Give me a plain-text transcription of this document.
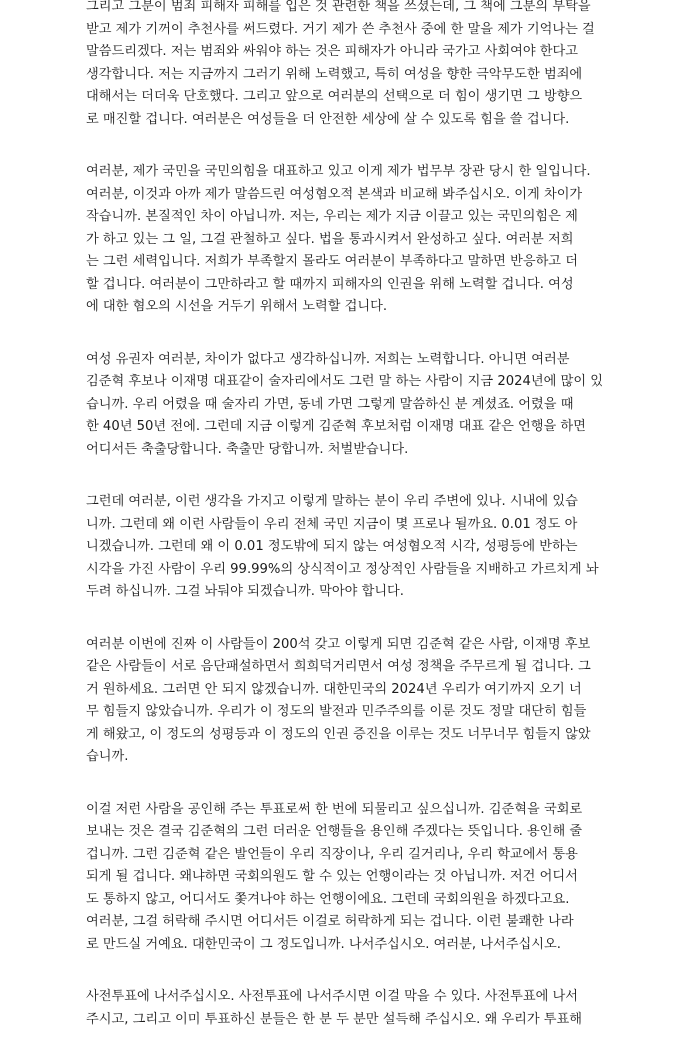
그리고 그분이 범죄 피해자 피해를 입은 것 관련한 책을 쓰셨는데, 그 책에 그분의 부탁을
받고 제가 기꺼이 추천사를 써드렸다. 거기 제가 쓴 추천사 중에 한 말을 제가 기억나는 걸
말씀드리겠다. 저는 범죄와 싸워야 하는 것은 피해자가 아니라 국가고 사회여야 한다고
생각합니다. 저는 지금까지 그러기 위해 노력했고, 특히 여성을 향한 극악무도한 범죄에
대해서는 더더욱 단호했다. 그리고 앞으로 여러분의 선택으로 더 힘이 생기면 그 방향으
로 매진할 겁니다. 여러분은 여성들을 더 안전한 세상에 살 수 있도록 힘을 쓸 겁니다.
여러분, 제가 국민을 국민의힘을 대표하고 있고 이게 제가 법무부 장관 당시 한 일입니다.
여러분, 이것과 아까 제가 말씀드린 여성혐오적 본색과 비교해 봐주십시오. 이게 차이가
작습니까. 본질적인 차이 아닙니까. 저는, 우리는 제가 지금 이끌고 있는 국민의힘은 제
가 하고 있는 그 일, 그걸 관철하고 싶다. 법을 통과시켜서 완성하고 싶다. 여러분 저희
는 그런 세력입니다. 저희가 부족할지 몰라도 여러분이 부족하다고 말하면 반응하고 더
할 겁니다. 여러분이 그만하라고 할 때까지 피해자의 인권을 위해 노력할 겁니다. 여성
에 대한 혐오의 시선을 거두기 위해서 노력할 겁니다.
여성 유권자 여러분, 차이가 없다고 생각하십니까. 저희는 노력합니다. 아니면 여러분
김준혁 후보나 이재명 대표같이 술자리에서도 그런 말 하는 사람이 지금 2024년에 많이 있
습니까. 우리 어렸을 때 술자리 가면, 동네 가면 그렇게 말씀하신 분 계셨죠. 어렸을 때
한 40년 50년 전에. 그런데 지금 이렇게 김준혁 후보처럼 이재명 대표 같은 언행을 하면
어디서든 축출당합니다. 축출만 당합니까. 처벌받습니다.
그런데 여러분, 이런 생각을 가지고 이렇게 말하는 분이 우리 주변에 있나. 시내에 있습
니까. 그런데 왜 이런 사람들이 우리 전체 국민 지금이 몇 프로나 될까요. 0.01 정도 아
니겠습니까. 그런데 왜 이 0.01 정도밖에 되지 않는 여성혐오적 시각, 성평등에 반하는
시각을 가진 사람이 우리 99.99%의 상식적이고 정상적인 사람들을 지배하고 가르치게 놔
두려 하십니까. 그걸 놔둬야 되겠습니까. 막아야 합니다.
여러분 이번에 진짜 이 사람들이 200석 갖고 이렇게 되면 김준혁 같은 사람, 이재명 후보
같은 사람들이 서로 음단패설하면서 희희덕거리면서 여성 정책을 주무르게 될 겁니다. 그
거 원하세요. 그러면 안 되지 않겠습니까. 대한민국의 2024년 우리가 여기까지 오기 너
무 힘들지 않았습니까. 우리가 이 정도의 발전과 민주주의를 이룬 것도 정말 대단히 힘들
게 해왔고, 이 정도의 성평등과 이 정도의 인권 증진을 이루는 것도 너무너무 힘들지 않았
습니까.
이걸 저런 사람을 공인해 주는 투표로써 한 번에 되물리고 싶으십니까. 김준혁을 국회로
보내는 것은 결국 김준혁의 그런 더러운 언행들을 용인해 주겠다는 뜻입니다. 용인해 줄
겁니까. 그런 김준혁 같은 발언들이 우리 직장이나, 우리 길거리나, 우리 학교에서 통용
되게 될 겁니다. 왜냐하면 국회의원도 할 수 있는 언행이라는 것 아닙니까. 저건 어디서
도 통하지 않고, 어디서도 쫓겨나야 하는 언행이에요. 그런데 국회의원을 하겠다고요.
여러분, 그걸 허락해 주시면 어디서든 이걸로 허락하게 되는 겁니다. 이런 불쾌한 나라
로 만드실 거예요. 대한민국이 그 정도입니까. 나서주십시오. 여러분, 나서주십시오.
사전투표에 나서주십시오. 사전투표에 나서주시면 이걸 막을 수 있다. 사전투표에 나서
주시고, 그리고 이미 투표하신 분들은 한 분 두 분만 설득해 주십시오. 왜 우리가 투표해
